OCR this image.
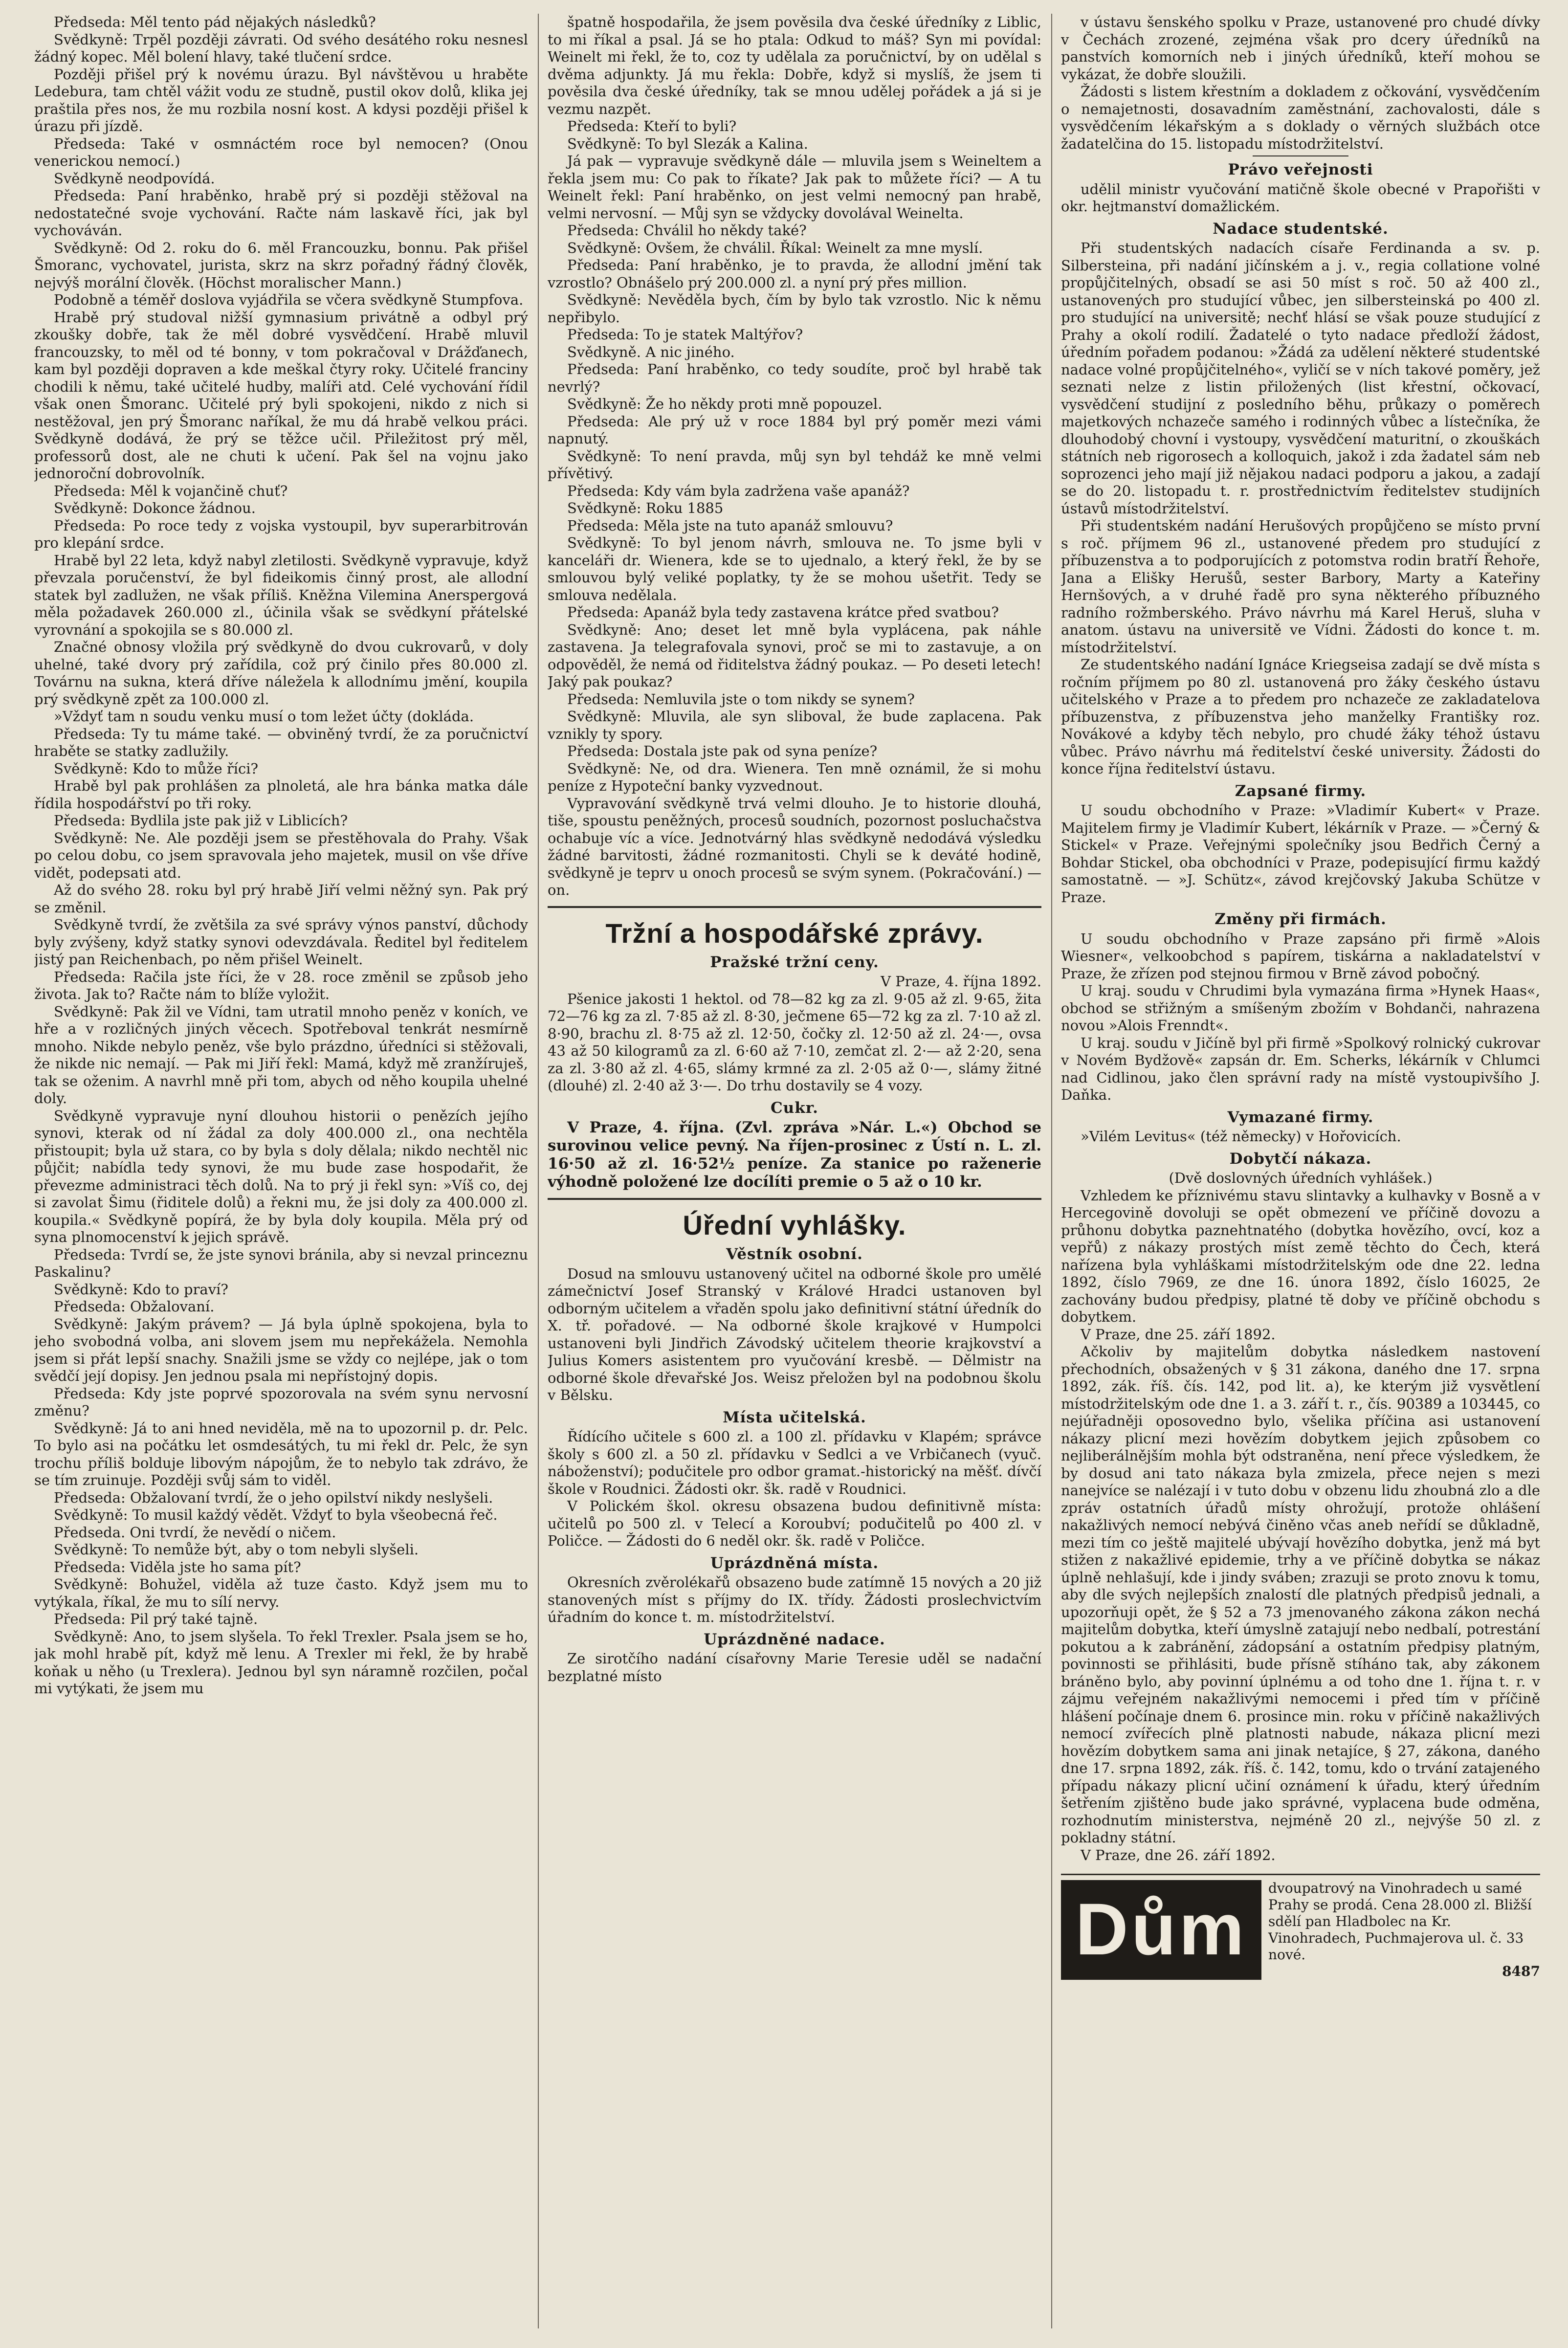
Předseda: Měl tento pád nějakých následků?

Svědkyně: Trpěl později závrati. Od svého desátého roku nesnesl žádný kopec. Měl bolení hlavy, také tlučení srdce.

Později přišel prý k novému úrazu. Byl návštěvou u hraběte Ledebura, tam chtěl vážit vodu ze studně, pustil okov dolů, klika jej praštila přes nos, že mu rozbila nosní kost. A kdysi později přišel k úrazu při jízdě.

Předseda: Také v osmnáctém roce byl nemocen? (Onou venerickou nemocí.)

Svědkyně neodpovídá.

Předseda: Paní hraběnko, hrabě prý si později stěžoval na nedostatečné svoje vychování. Račte nám laskavě říci, jak byl vychováván.

Svědkyně: Od 2. roku do 6. měl Francouzku, bonnu. Pak přišel Šmoranc, vychovatel, jurista, skrz na skrz pořadný řádný člověk, nejvýš morální člověk. (Höchst moralischer Mann.)

Podobně a téměř doslova vyjádřila se včera svědkyně Stumpfova.

Hrabě prý studoval nižší gymnasium privátně a odbyl prý zkoušky dobře, tak že měl dobré vysvědčení. Hrabě mluvil francouzsky, to měl od té bonny, v tom pokračoval v Drážďanech, kam byl později dopraven a kde meškal čtyry roky. Učitelé franciny chodili k němu, také učitelé hudby, malíři atd. Celé vychování řídil však onen Šmoranc. Učitelé prý byli spokojeni, nikdo z nich si nestěžoval, jen prý Šmoranc naříkal, že mu dá hrabě velkou práci. Svědkyně dodává, že prý se těžce učil. Přiležitost prý měl, professorů dost, ale ne chuti k učení. Pak šel na vojnu jako jednoroční dobrovolník.

Předseda: Měl k vojančině chuť?

Svědkyně: Dokonce žádnou.

Předseda: Po roce tedy z vojska vystoupil, byv superarbitrován pro klepání srdce.

Hrabě byl 22 leta, když nabyl zletilosti. Svědkyně vypravuje, když převzala poručenství, že byl fideikomis činný prost, ale allodní statek byl zadlužen, ne však příliš. Kněžna Vilemina Anerspergová měla požadavek 260.000 zl., účinila však se svědkyní přátelské vyrovnání a spokojila se s 80.000 zl.

Značné obnosy vložila prý svědkyně do dvou cukrovarů, v doly uhelné, také dvory prý zařídila, což prý činilo přes 80.000 zl. Továrnu na sukna, která dříve náležela k allodnímu jmění, koupila prý svědkyně zpět za 100.000 zl.

»Vždyť tam n soudu venku musí o tom ležet účty (dokláda.

Předseda: Ty tu máme také. — obviněný tvrdí, že za poručnictví hraběte se statky zadlužily.

Svědkyně: Kdo to může říci?

Hrabě byl pak prohlášen za plnoletá, ale hra bánka matka dále řídila hospodářství po tři roky.

Předseda: Bydlila jste pak již v Liblicích?

Svědkyně: Ne. Ale později jsem se přestěhovala do Prahy. Však po celou dobu, co jsem spravovala jeho majetek, musil on vše dříve vidět, podepsati atd.

Až do svého 28. roku byl prý hrabě Jiří velmi něžný syn. Pak prý se změnil.

Svědkyně tvrdí, že zvětšila za své správy výnos panství, důchody byly zvýšeny, když statky synovi odevzdávala. Ředitel byl ředitelem jistý pan Reichenbach, po něm přišel Weinelt.

Předseda: Račila jste říci, že v 28. roce změnil se způsob jeho života. Jak to? Račte nám to blíže vyložit.

Svědkyně: Pak žil ve Vídni, tam utratil mnoho peněz v koních, ve hře a v rozličných jiných věcech. Spotřeboval tenkrát nesmírně mnoho. Nikde nebylo peněz, vše bylo prázdno, úředníci si stěžovali, že nikde nic nemají. — Pak mi Jiří řekl: Mamá, když mě zranžíruješ, tak se oženim. A navrhl mně při tom, abych od něho koupila uhelné doly.

Svědkyně vypravuje nyní dlouhou historii o penězích jejího synovi, kterak od ní žádal za doly 400.000 zl., ona nechtěla přistoupit; byla už stara, co by byla s doly dělala; nikdo nechtěl nic půjčit; nabídla tedy synovi, že mu bude zase hospodařit, že převezme administraci těch dolů. Na to prý ji řekl syn: »Víš co, dej si zavolat Šimu (řiditele dolů) a řekni mu, že jsi doly za 400.000 zl. koupila.« Svědkyně popírá, že by byla doly koupila. Měla prý od syna plnomocenství k jejich správě.

Předseda: Tvrdí se, že jste synovi bránila, aby si nevzal princeznu Paskalinu?

Svědkyně: Kdo to praví?

Předseda: Obžalovaní.

Svědkyně: Jakým právem? — Já byla úplně spokojena, byla to jeho svobodná volba, ani slovem jsem mu nepřekážela. Nemohla jsem si přát lepší snachy. Snažili jsme se vždy co nejlépe, jak o tom svědčí její dopisy. Jen jednou psala mi nepřístojný dopis.

Předseda: Kdy jste poprvé spozorovala na svém synu nervosní změnu?

Svědkyně: Já to ani hned neviděla, mě na to upozornil p. dr. Pelc. To bylo asi na počátku let osmdesátých, tu mi řekl dr. Pelc, že syn trochu příliš bolduje libovým nápojům, že to nebylo tak zdrávo, že se tím zruinuje. Později svůj sám to viděl.

Předseda: Obžalovaní tvrdí, že o jeho opilství nikdy neslyšeli.

Svědkyně: To musil každý vědět. Vždyť to byla všeobecná řeč.

Předseda. Oni tvrdí, že nevědí o ničem.

Svědkyně: To nemůže být, aby o tom nebyli slyšeli.

Předseda: Viděla jste ho sama pít?

Svědkyně: Bohužel, viděla až tuze často. Když jsem mu to vytýkala, říkal, že mu to sílí nervy.

Předseda: Pil prý také tajně.

Svědkyně: Ano, to jsem slyšela. To řekl Trexler. Psala jsem se ho, jak mohl hrabě pít, když mě lenu. A Trexler mi řekl, že by hrabě koňak u něho (u Trexlera). Jednou byl syn náramně rozčilen, počal mi vytýkati, že jsem mu

špatně hospodařila, že jsem pověsila dva české úředníky z Liblic, to mi říkal a psal. Já se ho ptala: Odkud to máš? Syn mi povídal: Weinelt mi řekl, že to, coz ty udělala za poručnictví, by on udělal s dvěma adjunkty. Já mu řekla: Dobře, když si myslíš, že jsem ti pověsila dva české úředníky, tak se mnou udělej pořádek a já si je vezmu nazpět.

Předseda: Kteří to byli?

Svědkyně: To byl Slezák a Kalina.

Já pak — vypravuje svědkyně dále — mluvila jsem s Weineltem a řekla jsem mu: Co pak to říkate? Jak pak to můžete říci? — A tu Weinelt řekl: Paní hraběnko, on jest velmi nemocný pan hrabě, velmi nervosní. — Můj syn se vždycky dovolával Weinelta.

Předseda: Chválil ho někdy také?

Svědkyně: Ovšem, že chválil. Říkal: Weinelt za mne myslí.

Předseda: Paní hraběnko, je to pravda, že allodní jmění tak vzrostlo? Obnášelo prý 200.000 zl. a nyní prý přes million.

Svědkyně: Nevěděla bych, čím by bylo tak vzrostlo. Nic k němu nepřibylo.

Předseda: To je statek Maltýřov?

Svědkyně. A nic jiného.

Předseda: Paní hraběnko, co tedy soudíte, proč byl hrabě tak nevrlý?

Svědkyně: Že ho někdy proti mně popouzel.

Předseda: Ale prý už v roce 1884 byl prý poměr mezi vámi napnutý.

Svědkyně: To není pravda, můj syn byl tehdáž ke mně velmi přívětivý.

Předseda: Kdy vám byla zadržena vaše apanáž?

Svědkyně: Roku 1885

Předseda: Měla jste na tuto apanáž smlouvu?

Svědkyně: To byl jenom návrh, smlouva ne. To jsme byli v kanceláři dr. Wienera, kde se to ujednalo, a který řekl, že by se smlouvou bylý veliké poplatky, ty že se mohou ušetřit. Tedy se smlouva nedělala.

Předseda: Apanáž byla tedy zastavena krátce před svatbou?

Svědkyně: Ano; deset let mně byla vyplácena, pak náhle zastavena. Ja telegrafovala synovi, proč se mi to zastavuje, a on odpověděl, že nemá od řiditelstva žádný poukaz. — Po deseti letech! Jaký pak poukaz?

Předseda: Nemluvila jste o tom nikdy se synem?

Svědkyně: Mluvila, ale syn sliboval, že bude zaplacena. Pak vznikly ty spory.

Předseda: Dostala jste pak od syna peníze?

Svědkyně: Ne, od dra. Wienera. Ten mně oznámil, že si mohu peníze z Hypoteční banky vyzvednout.

Vypravování svědkyně trvá velmi dlouho. Je to historie dlouhá, tiše, spoustu peněžných, procesů soudních, pozornost posluchačstva ochabuje víc a více. Jednotvárný hlas svědkyně nedodává výsledku žádné barvitosti, žádné rozmanitosti. Chyli se k deváté hodině, svědkyně je teprv u onoch procesů se svým synem. (Pokračování.) —on.

Tržní a hospodářské zprávy.
Pražské tržní ceny.

V Praze, 4. října 1892.

Pšenice jakosti 1 hektol. od 78—82 kg za zl. 9·05 až zl. 9·65, žita 72—76 kg za zl. 7·85 až zl. 8·30, ječmene 65—72 kg za zl. 7·10 až zl. 8·90, brachu zl. 8·75 až zl. 12·50, čočky zl. 12·50 až zl. 24·—, ovsa 43 až 50 kilogramů za zl. 6·60 až 7·10, zemčat zl. 2·— až 2·20, sena za zl. 3·80 až zl. 4·65, slámy krmné za zl. 2·05 až 0·—, slámy žitné (dlouhé) zl. 2·40 až 3·—. Do trhu dostavily se 4 vozy.

Cukr.

V Praze, 4. října. (Zvl. zpráva »Nár. L.«) Obchod se surovinou velice pevný. Na říjen-prosinec z Ústí n. L. zl. 16·50 až zl. 16·52½ peníze. Za stanice po raženerie výhodně položené lze docílíti premie o 5 až o 10 kr.

Úřední vyhlášky.
Věstník osobní.

Dosud na smlouvu ustanovený učitel na odborné škole pro umělé zámečnictví Josef Stranský v Králové Hradci ustanoven byl odborným učitelem a vřaděn spolu jako definitivní státní úředník do X. tř. pořadové. — Na odborné škole krajkové v Humpolci ustanoveni byli Jindřich Závodský učitelem theorie krajkovství a Julius Komers asistentem pro vyučování kresbě. — Dělmistr na odborné škole dřevařské Jos. Weisz přeložen byl na podobnou školu v Bělsku.

Místa učitelská.

Řídícího učitele s 600 zl. a 100 zl. přídavku v Klapém; správce školy s 600 zl. a 50 zl. přídavku v Sedlci a ve Vrbičanech (vyuč. náboženství); podučitele pro odbor gramat.-historický na měšť. dívčí škole v Roudnici. Žádosti okr. šk. radě v Roudnici.

V Polickém škol. okresu obsazena budou definitivně místa: učitelů po 500 zl. v Telecí a Koroubví; podučitelů po 400 zl. v Poličce. — Žádosti do 6 neděl okr. šk. radě v Poličce.

Uprázdněná místa.

Okresních zvěrolékařů obsazeno bude zatímně 15 nových a 20 již stanovených míst s příjmy do IX. třídy. Žádosti proslechvictvím úřadním do konce t. m. místodržitelství.

Uprázdněné nadace.

Ze sirotčího nadání císařovny Marie Teresie uděl se nadační bezplatné místo

v ústavu šenského spolku v Praze, ustanovené pro chudé dívky v Čechách zrozené, zejména však pro dcery úředníků na panstvích komorních neb i jiných úředníků, kteří mohou se vykázat, že dobře sloužili.

Žádosti s listem křestním a dokladem z očkování, vysvědčením o nemajetnosti, dosavadním zaměstnání, zachovalosti, dále s vysvědčením lékařským a s doklady o věrných službách otce žadatelčina do 15. listopadu místodržitelství.

Právo veřejnosti

udělil ministr vyučování matičně škole obecné v Prapořišti v okr. hejtmanství domažlickém.

Nadace studentské.

Při studentských nadacích císaře Ferdinanda a sv. p. Silbersteina, při nadání jičínském a j. v., regia collatione volné propůjčitelných, obsadí se asi 50 míst s roč. 50 až 400 zl., ustanovených pro studující vůbec, jen silbersteinská po 400 zl. pro studující na universitě; nechť hlásí se však pouze studující z Prahy a okolí rodilí. Žadatelé o tyto nadace předloží žádost, úředním pořadem podanou: »Žádá za udělení některé studentské nadace volné propůjčitelného«, vyličí se v ních takové poměry, jež seznati nelze z listin přiložených (list křestní, očkovací, vysvědčení studijní z posledního běhu, průkazy o poměrech majetkových nchazeče samého i rodinných vůbec a lístečníka, že dlouhodobý chovní i vystoupy, vysvědčení maturitní, o zkouškách státních neb rigorosech a kolloquich, jakož i zda žadatel sám neb soprozenci jeho mají již nějakou nadaci podporu a jakou, a zadají se do 20. listopadu t. r. prostřednictvím ředitelstev studijních ústavů místodržitelství.

Při studentském nadání Herušových propůjčeno se místo první s roč. příjmem 96 zl., ustanovené předem pro studující z příbuzenstva a to podporujících z potomstva rodin bratří Řehoře, Jana a Elišky Herušů, sester Barbory, Marty a Kateřiny Hernšových, a v druhé řadě pro syna některého příbuzného radního rožmberského. Právo návrhu má Karel Heruš, sluha v anatom. ústavu na universitě ve Vídni. Žádosti do konce t. m. místodržitelství.

Ze studentského nadání Ignáce Kriegseisa zadají se dvě místa s ročním příjmem po 80 zl. ustanovená pro žáky českého ústavu učitelského v Praze a to předem pro nchazeče ze zakladatelova příbuzenstva, z příbuzenstva jeho manželky Františky roz. Novákové a kdyby těch nebylo, pro chudé žáky téhož ústavu vůbec. Právo návrhu má ředitelství české university. Žádosti do konce října ředitelství ústavu.

Zapsané firmy.

U soudu obchodního v Praze: »Vladimír Kubert« v Praze. Majitelem firmy je Vladimír Kubert, lékárník v Praze. — »Černý & Stickel« v Praze. Veřejnými společníky jsou Bedřich Černý a Bohdar Stickel, oba obchodníci v Praze, podepisující firmu každý samostatně. — »J. Schütz«, závod krejčovský Jakuba Schütze v Praze.

Změny při firmách.

U soudu obchodního v Praze zapsáno při firmě »Alois Wiesner«, velkoobchod s papírem, tiskárna a nakladatelství v Praze, že zřízen pod stejnou firmou v Brně závod pobočný.

U kraj. soudu v Chrudimi byla vymazána firma »Hynek Haas«, obchod se střižným a smíšeným zbožím v Bohdanči, nahrazena novou »Alois Frenndt«.

U kraj. soudu v Jičíně byl při firmě »Spolkový rolnický cukrovar v Novém Bydžově« zapsán dr. Em. Scherks, lékárník v Chlumci nad Cidlinou, jako člen správní rady na místě vystoupivšího J. Daňka.

Vymazané firmy.

»Vilém Levitus« (též německy) v Hořovicích.

Dobytčí nákaza.

(Dvě doslovných úředních vyhlášek.)

Vzhledem ke příznivému stavu slintavky a kulhavky v Bosně a v Hercegovině dovoluji se opět obmezení ve příčině dovozu a průhonu dobytka paznehtnatého (dobytka hovězího, ovcí, koz a vepřů) z nákazy prostých míst země těchto do Čech, která nařízena byla vyhláškami místodržitelským ode dne 22. ledna 1892, číslo 7969, ze dne 16. února 1892, číslo 16025, 2e zachovány budou předpisy, platné tě doby ve příčině obchodu s dobytkem.

V Praze, dne 25. září 1892.

Ačkoliv by majitelům dobytka následkem nastovení přechodních, obsažených v § 31 zákona, daného dne 17. srpna 1892, zák. říš. čís. 142, pod lit. a), ke kterým již vysvětlení místodržitelským ode dne 1. a 3. září t. r., čís. 90389 a 103445, co nejúřadněji oposovedno bylo, všelika příčina asi ustanovení nákazy plicní mezi hovězím dobytkem jejich způsobem co nejliberálnějším mohla být odstraněna, není přece výsledkem, že by dosud ani tato nákaza byla zmizela, přece nejen s mezi nanejvíce se nalézají i v tuto dobu v obzenu lidu zhoubná zlo a dle zpráv ostatních úřadů místy ohrožují, protože ohlášení nakažlivých nemocí nebývá činěno včas aneb neřídí se důkladně, mezi tím co ještě majitelé ubývají hovězího dobytka, jenž má byt stižen z nakažlivé epidemie, trhy a ve příčině dobytka se nákaz úplně nehlašují, kde i jindy sváben; zrazuji se proto znovu k tomu, aby dle svých nejlepších znalostí dle platných předpisů jednali, a upozorňuji opět, že § 52 a 73 jmenovaného zákona zákon nechá majitelům dobytka, kteří úmyslně zatajují nebo nedbalí, potrestání pokutou a k zabránění, zádopsání a ostatním předpisy platným, povinnosti se přihlásiti, bude přísně stíháno tak, aby zákonem bráněno bylo, aby povinní úplnému a od toho dne 1. října t. r. v zájmu veřejném nakažlivými nemocemi i před tím v příčině hlášení počínaje dnem 6. prosince min. roku v příčině nakažlivých nemocí zvířecích plně platnosti nabude, nákaza plicní mezi hovězím dobytkem sama ani jinak netajíce, § 27, zákona, daného dne 17. srpna 1892, zák. říš. č. 142, tomu, kdo o trvání zatajeného případu nákazy plicní učiní oznámení k úřadu, který úředním šetřením zjištěno bude jako správné, vyplacena bude odměna, rozhodnutím ministerstva, nejméně 20 zl., nejvýše 50 zl. z pokladny státní.

V Praze, dne 26. září 1892.

Dům	dvoupatrový na Vinohradech u samé Prahy se prodá. Cena 28.000 zl. Bližší sdělí pan Hladbolec na Kr. Vinohradech, Puchmajerova ul. č. 33 nové.

8487
